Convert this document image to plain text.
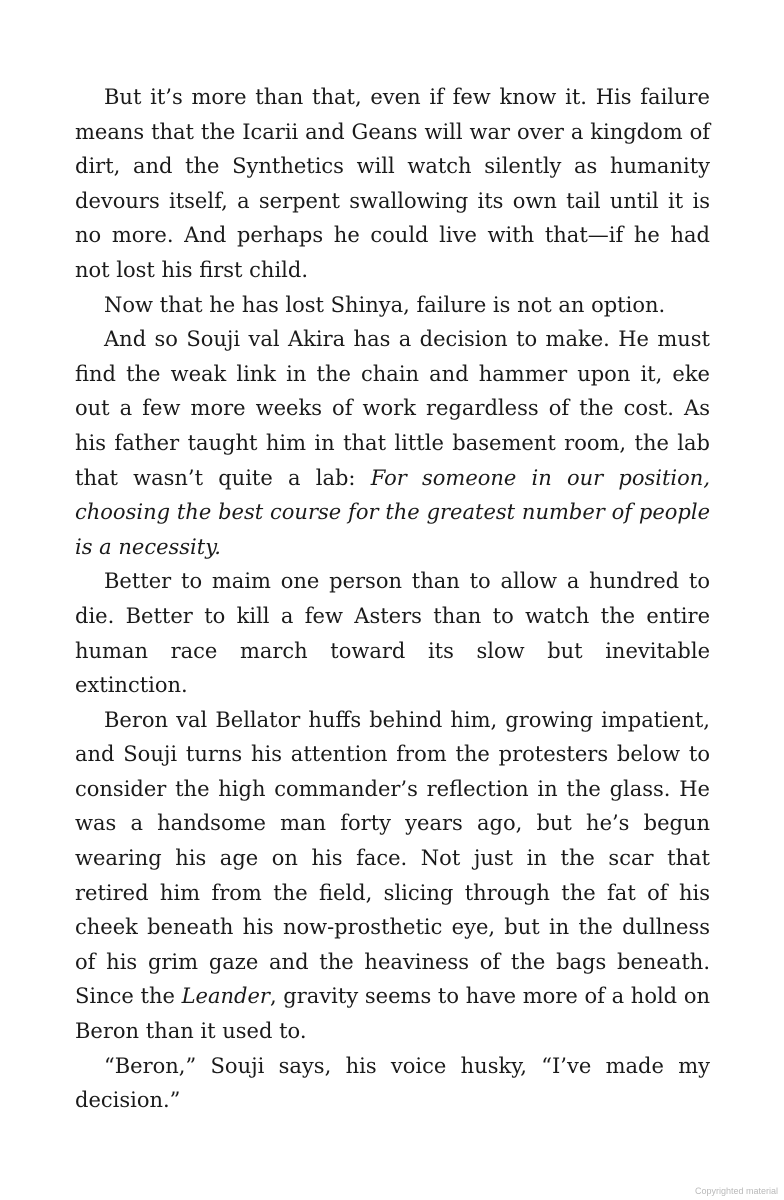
But it’s more than that, even if few know it. His failure means that the Icarii and Geans will war over a kingdom of dirt, and the Synthetics will watch silently as humanity devours itself, a serpent swallowing its own tail until it is no more. And perhaps he could live with that—if he had not lost his first child.

Now that he has lost Shinya, failure is not an option.

And so Souji val Akira has a decision to make. He must find the weak link in the chain and hammer upon it, eke out a few more weeks of work regardless of the cost. As his father taught him in that little basement room, the lab that wasn’t quite a lab: For someone in our position, choosing the best course for the greatest number of people is a necessity.

Better to maim one person than to allow a hundred to die. Better to kill a few Asters than to watch the entire human race march toward its slow but inevitable extinction.

Beron val Bellator huffs behind him, growing impatient, and Souji turns his attention from the protesters below to consider the high commander’s reflection in the glass. He was a handsome man forty years ago, but he’s begun wearing his age on his face. Not just in the scar that retired him from the field, slicing through the fat of his cheek beneath his now-prosthetic eye, but in the dullness of his grim gaze and the heaviness of the bags beneath. Since the Leander, gravity seems to have more of a hold on Beron than it used to.

“Beron,” Souji says, his voice husky, “I’ve made my decision.”

Copyrighted material
